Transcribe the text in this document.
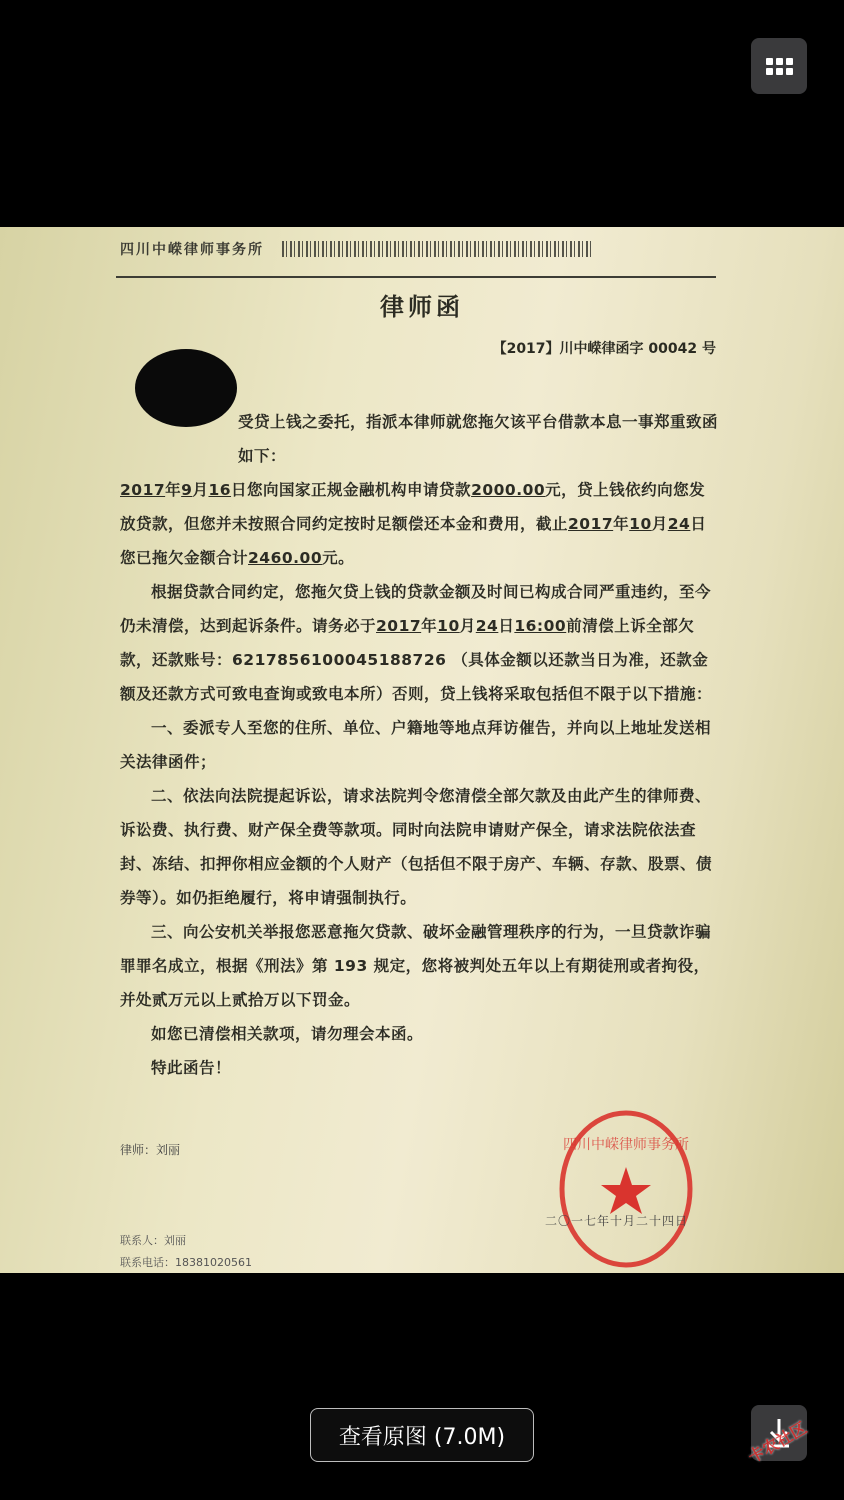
四川中嵘律师事务所
律师函
【2017】川中嵘律函字 00042 号

受贷上钱之委托，指派本律师就您拖欠该平台借款本息一事郑重致函如下：

2017年9月16日您向国家正规金融机构申请贷款2000.00元，贷上钱依约向您发放贷款，但您并未按照合同约定按时足额偿还本金和费用，截止2017年10月24日您已拖欠金额合计2460.00元。

根据贷款合同约定，您拖欠贷上钱的贷款金额及时间已构成合同严重违约，至今仍未清偿，达到起诉条件。请务必于2017年10月24日16:00前清偿上诉全部欠款，还款账号：6217856100045188726 （具体金额以还款当日为准，还款金额及还款方式可致电查询或致电本所）否则，贷上钱将采取包括但不限于以下措施：

一、委派专人至您的住所、单位、户籍地等地点拜访催告，并向以上地址发送相关法律函件；

二、依法向法院提起诉讼，请求法院判令您清偿全部欠款及由此产生的律师费、诉讼费、执行费、财产保全费等款项。同时向法院申请财产保全，请求法院依法查封、冻结、扣押你相应金额的个人财产（包括但不限于房产、车辆、存款、股票、债券等）。如仍拒绝履行，将申请强制执行。

三、向公安机关举报您恶意拖欠贷款、破坏金融管理秩序的行为，一旦贷款诈骗罪罪名成立，根据《刑法》第 193 规定，您将被判处五年以上有期徒刑或者拘役，并处贰万元以上贰拾万以下罚金。

如您已清偿相关款项，请勿理会本函。

特此函告！

律师：刘丽
联系人：刘丽
联系电话：18381020561
四川中嵘律师事务所
二〇一七年十月二十四日
查看原图 (7.0M)	卡农社区
